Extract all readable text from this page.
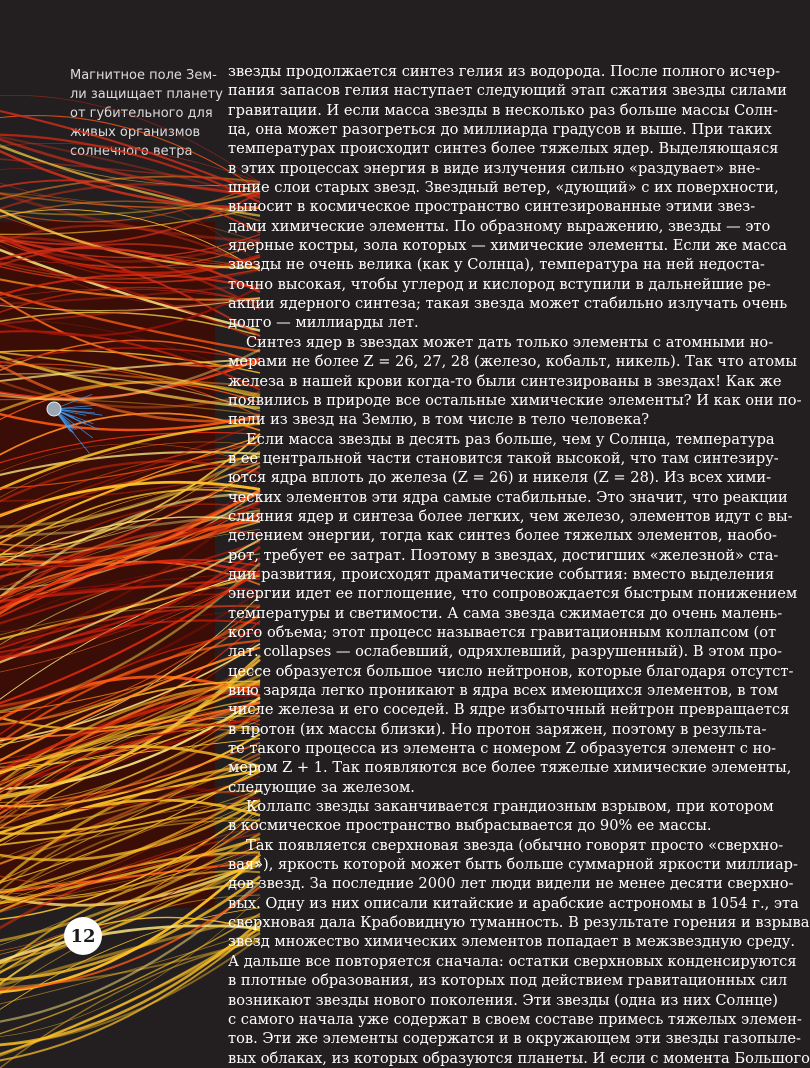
Магнитное поле Зем-
ли защищает планету
от губительного для
живых организмов
солнечного ветра
звезды продолжается синтез гелия из водорода. После полного исчер-
пания запасов гелия наступает следующий этап сжатия звезды силами
гравитации. И если масса звезды в несколько раз больше массы Солн-
ца, она может разогреться до миллиарда градусов и выше. При таких
температурах происходит синтез более тяжелых ядер. Выделяющаяся
в этих процессах энергия в виде излучения сильно «раздувает» вне-
шние слои старых звезд. Звездный ветер, «дующий» с их поверхности,
выносит в космическое пространство синтезированные этими звез-
дами химические элементы. По образному выражению, звезды — это
ядерные костры, зола которых — химические элементы. Если же масса
звезды не очень велика (как у Солнца), температура на ней недоста-
точно высокая, чтобы углерод и кислород вступили в дальнейшие ре-
акции ядерного синтеза; такая звезда может стабильно излучать очень
долго — миллиарды лет.
Синтез ядер в звездах может дать только элементы с атомными но-
мерами не более Z = 26, 27, 28 (железо, кобальт, никель). Так что атомы
железа в нашей крови когда-то были синтезированы в звездах! Как же
появились в природе все остальные химические элементы? И как они по-
пали из звезд на Землю, в том числе в тело человека?
Если масса звезды в десять раз больше, чем у Солнца, температура
в ее центральной части становится такой высокой, что там синтезиру-
ются ядра вплоть до железа (Z = 26) и никеля (Z = 28). Из всех хими-
ческих элементов эти ядра самые стабильные. Это значит, что реакции
слияния ядер и синтеза более легких, чем железо, элементов идут с вы-
делением энергии, тогда как синтез более тяжелых элементов, наобо-
рот, требует ее затрат. Поэтому в звездах, достигших «железной» ста-
дии развития, происходят драматические события: вместо выделения
энергии идет ее поглощение, что сопровождается быстрым понижением
температуры и светимости. А сама звезда сжимается до очень малень-
кого объема; этот процесс называется гравитационным коллапсом (от
лат. collapses — ослабевший, одряхлевший, разрушенный). В этом про-
цессе образуется большое число нейтронов, которые благодаря отсутст-
вию заряда легко проникают в ядра всех имеющихся элементов, в том
числе железа и его соседей. В ядре избыточный нейтрон превращается
в протон (их массы близки). Но протон заряжен, поэтому в результа-
те такого процесса из элемента с номером Z образуется элемент с но-
мером Z + 1. Так появляются все более тяжелые химические элементы,
следующие за железом.
Коллапс звезды заканчивается грандиозным взрывом, при котором
в космическое пространство выбрасывается до 90% ее массы.
Так появляется сверхновая звезда (обычно говорят просто «сверхно-
вая»), яркость которой может быть больше суммарной яркости миллиар-
дов звезд. За последние 2000 лет люди видели не менее десяти сверхно-
вых. Одну из них описали китайские и арабские астрономы в 1054 г., эта
сверхновая дала Крабовидную туманность. В результате горения и взрыва
звезд множество химических элементов попадает в межзвездную среду.
А дальше все повторяется сначала: остатки сверхновых конденсируются
в плотные образования, из которых под действием гравитационных сил
возникают звезды нового поколения. Эти звезды (одна из них Солнце)
с самого начала уже содержат в своем составе примесь тяжелых элемен-
тов. Эти же элементы содержатся и в окружающем эти звезды газопыле-
вых облаках, из которых образуются планеты. И если с момента Большого
12
